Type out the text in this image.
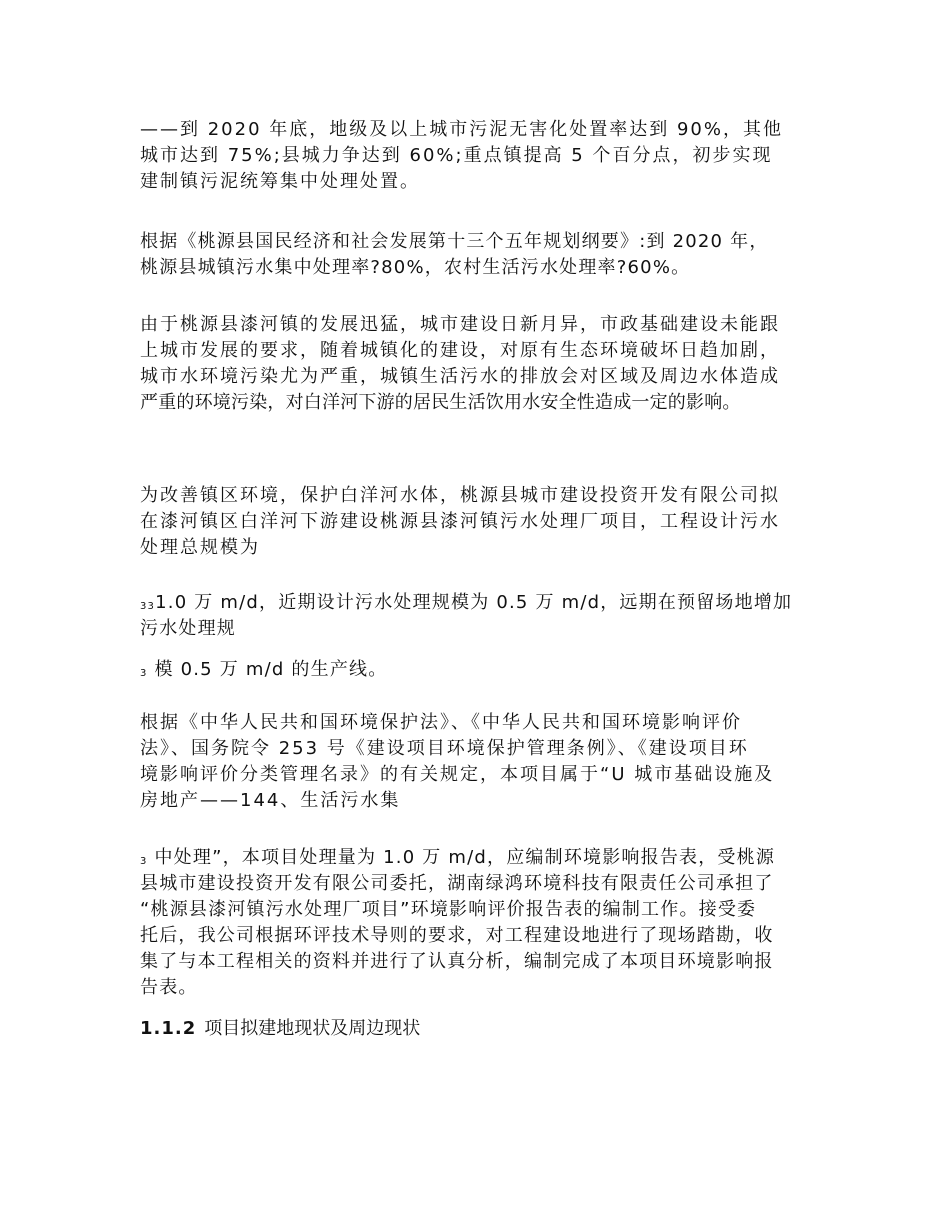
——到 2020 年底，地级及以上城市污泥无害化处置率达到 90%，其他
城市达到 75%;县城力争达到 60%;重点镇提高 5 个百分点，初步实现
建制镇污泥统筹集中处理处置。
根据《桃源县国民经济和社会发展第十三个五年规划纲要》:到 2020 年，
桃源县城镇污水集中处理率?80%，农村生活污水处理率?60%。
由于桃源县漆河镇的发展迅猛，城市建设日新月异，市政基础建设未能跟
上城市发展的要求，随着城镇化的建设，对原有生态环境破坏日趋加剧，
城市水环境污染尤为严重，城镇生活污水的排放会对区域及周边水体造成
严重的环境污染，对白洋河下游的居民生活饮用水安全性造成一定的影响。
为改善镇区环境，保护白洋河水体，桃源县城市建设投资开发有限公司拟
在漆河镇区白洋河下游建设桃源县漆河镇污水处理厂项目，工程设计污水
处理总规模为
331.0 万 m/d，近期设计污水处理规模为 0.5 万 m/d，远期在预留场地增加
污水处理规
3 模 0.5 万 m/d 的生产线。
根据《中华人民共和国环境保护法》、《中华人民共和国环境影响评价
法》、国务院令 253 号《建设项目环境保护管理条例》、《建设项目环
境影响评价分类管理名录》的有关规定，本项目属于“U 城市基础设施及
房地产——144、生活污水集
3 中处理”，本项目处理量为 1.0 万 m/d，应编制环境影响报告表，受桃源
县城市建设投资开发有限公司委托，湖南绿鸿环境科技有限责任公司承担了
“桃源县漆河镇污水处理厂项目”环境影响评价报告表的编制工作。接受委
托后，我公司根据环评技术导则的要求，对工程建设地进行了现场踏勘，收
集了与本工程相关的资料并进行了认真分析，编制完成了本项目环境影响报
告表。
1.1.2 项目拟建地现状及周边现状
